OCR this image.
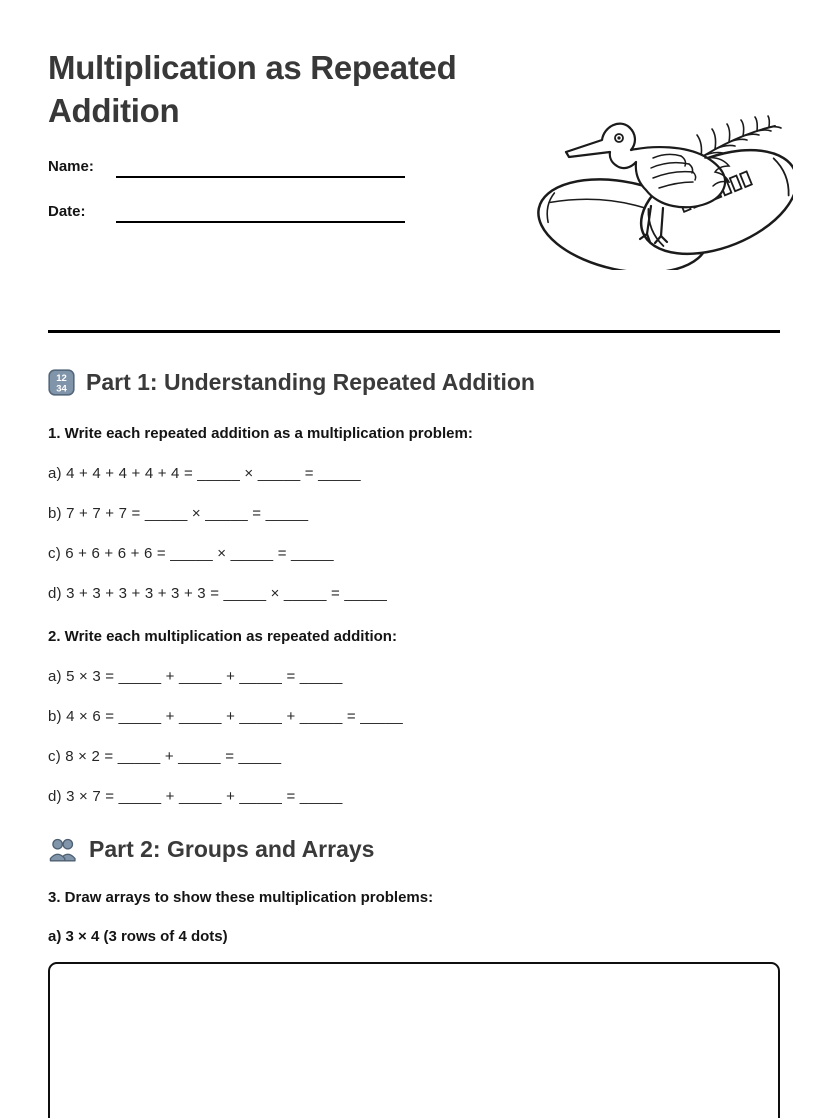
Multiplication as Repeated Addition
Name:
Date:
12
34 Part 1: Understanding Repeated Addition

1. Write each repeated addition as a multiplication problem:

a) 4 + 4 + 4 + 4 + 4 = _____ × _____ = _____

b) 7 + 7 + 7 = _____ × _____ = _____

c) 6 + 6 + 6 + 6 = _____ × _____ = _____

d) 3 + 3 + 3 + 3 + 3 + 3 = _____ × _____ = _____

2. Write each multiplication as repeated addition:

a) 5 × 3 = _____ + _____ + _____ = _____

b) 4 × 6 = _____ + _____ + _____ + _____ = _____

c) 8 × 2 = _____ + _____ = _____

d) 3 × 7 = _____ + _____ + _____ = _____

Part 2: Groups and Arrays

3. Draw arrays to show these multiplication problems:

a) 3 × 4 (3 rows of 4 dots)
